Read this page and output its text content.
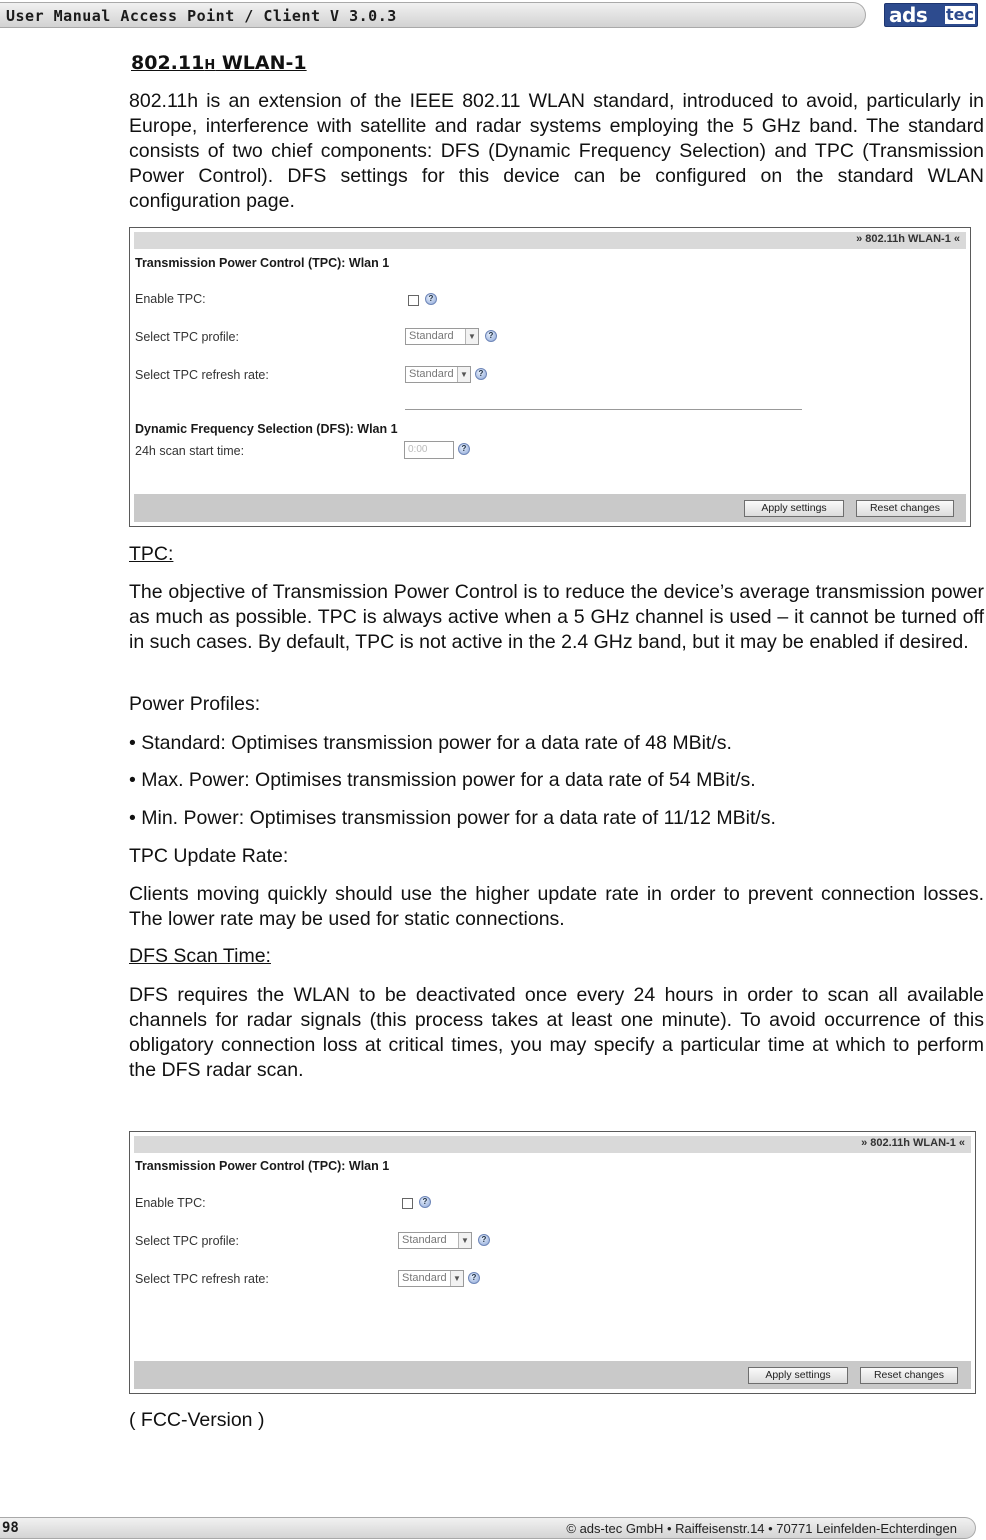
User Manual Access Point / Client V 3.0.3	ads tec
802.11H WLAN-1
802.11h is an extension of the IEEE 802.11 WLAN standard, introduced to avoid, particularly in Europe, interference with satellite and radar systems employing the 5 GHz band. The standard consists of two chief components: DFS (Dynamic Frequency Selection) and TPC (Transmission Power Control). DFS settings for this device can be configured on the standard WLAN configuration page.
» 802.11h WLAN-1 «
Transmission Power Control (TPC): Wlan 1
Enable TPC:	?
Select TPC profile:	Standard	▼	?
Select TPC refresh rate:	Standard ▼	?
Dynamic Frequency Selection (DFS): Wlan 1
24h scan start time:	0:00	?
Apply settings	Reset changes
TPC:
The objective of Transmission Power Control is to reduce the device’s average transmission power as much as possible. TPC is always active when a 5 GHz channel is used – it cannot be turned off in such cases. By default, TPC is not active in the 2.4 GHz band, but it may be enabled if desired.
Power Profiles:
• Standard: Optimises transmission power for a data rate of 48 MBit/s.
• Max. Power: Optimises transmission power for a data rate of 54 MBit/s.
• Min. Power: Optimises transmission power for a data rate of 11/12 MBit/s.
TPC Update Rate:
Clients moving quickly should use the higher update rate in order to prevent connection losses. The lower rate may be used for static connections.
DFS Scan Time:
DFS requires the WLAN to be deactivated once every 24 hours in order to scan all available channels for radar signals (this process takes at least one minute). To avoid occurrence of this obligatory connection loss at critical times, you may specify a particular time at which to perform the DFS radar scan.
» 802.11h WLAN-1 «
Transmission Power Control (TPC): Wlan 1
Enable TPC:	?
Select TPC profile:	Standard	▼	?
Select TPC refresh rate:	Standard ▼	?
Apply settings	Reset changes
( FCC-Version )
98	© ads-tec GmbH • Raiffeisenstr.14 • 70771 Leinfelden-Echterdingen
